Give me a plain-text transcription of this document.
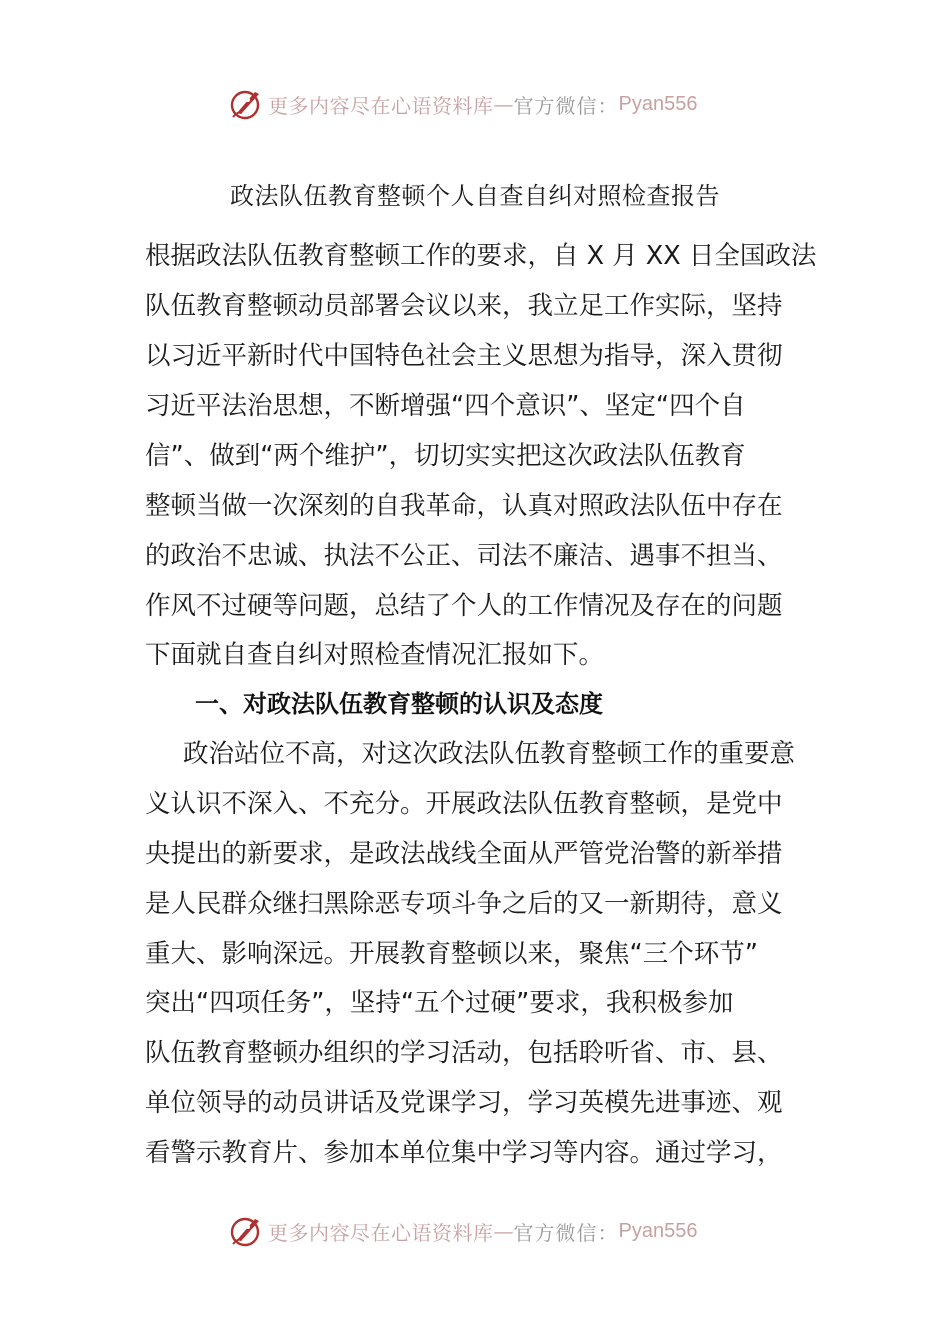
更多内容尽在心语资料库 — 官方微信： Pyan556
政法队伍教育整顿个人自查自纠对照检查报告
根据政法队伍教育整顿工作的要求，自 X 月 XX 日全国政法
队伍教育整顿动员部署会议以来，我立足工作实际，坚持
以习近平新时代中国特色社会主义思想为指导，深入贯彻
习近平法治思想，不断增强“四个意识”、坚定“四个自
信”、做到“两个维护”，切切实实把这次政法队伍教育
整顿当做一次深刻的自我革命，认真对照政法队伍中存在
的政治不忠诚、执法不公正、司法不廉洁、遇事不担当、
作风不过硬等问题，总结了个人的工作情况及存在的问题
下面就自查自纠对照检查情况汇报如下。
一、对政法队伍教育整顿的认识及态度
政治站位不高，对这次政法队伍教育整顿工作的重要意
义认识不深入、不充分。开展政法队伍教育整顿，是党中
央提出的新要求，是政法战线全面从严管党治警的新举措
是人民群众继扫黑除恶专项斗争之后的又一新期待，意义
重大、影响深远。开展教育整顿以来，聚焦“三个环节”
突出“四项任务”，坚持“五个过硬”要求，我积极参加
队伍教育整顿办组织的学习活动，包括聆听省、市、县、
单位领导的动员讲话及党课学习，学习英模先进事迹、观
看警示教育片、参加本单位集中学习等内容。通过学习，
更多内容尽在心语资料库 — 官方微信： Pyan556
